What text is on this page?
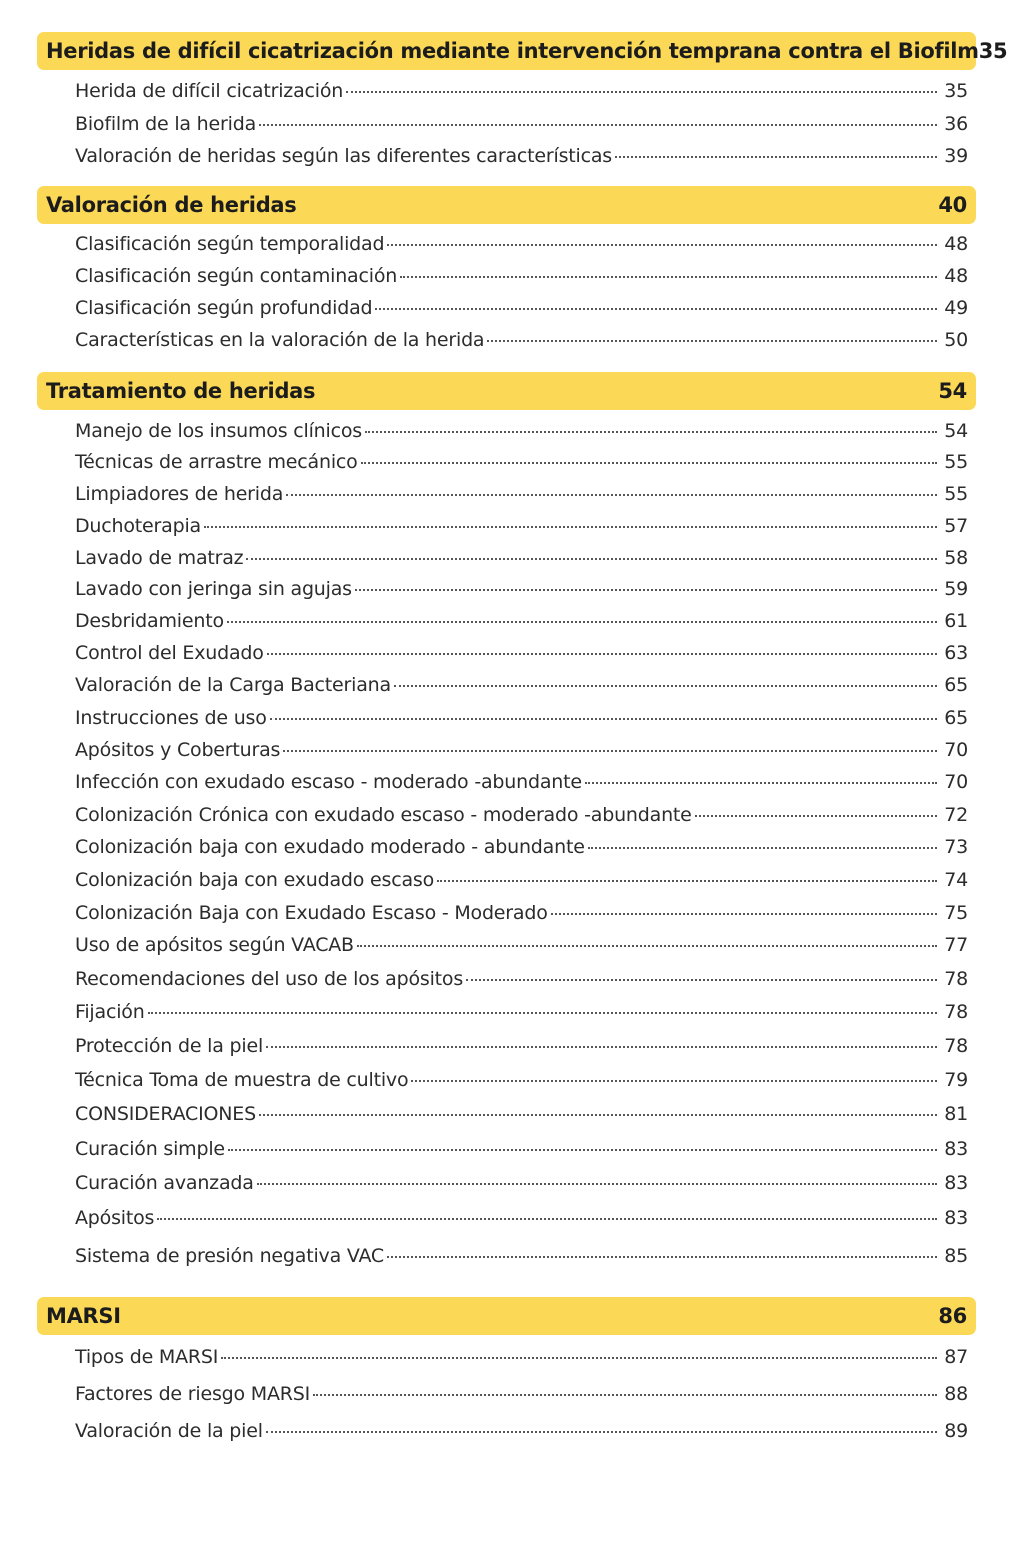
Heridas de difícil cicatrización mediante intervención temprana contra el Biofilm 35
Herida de difícil cicatrización	35
Biofilm de la herida	36
Valoración de heridas según las diferentes características	39
Valoración de heridas	40
Clasificación según temporalidad	48
Clasificación según contaminación	48
Clasificación según profundidad	49
Características en la valoración de la herida	50
Tratamiento de heridas	54
Manejo de los insumos clínicos	54
Técnicas de arrastre mecánico	55
Limpiadores de herida	55
Duchoterapia	57
Lavado de matraz	58
Lavado con jeringa sin agujas	59
Desbridamiento	61
Control del Exudado	63
Valoración de la Carga Bacteriana	65
Instrucciones de uso	65
Apósitos y Coberturas	70
Infección con exudado escaso - moderado -abundante	70
Colonización Crónica con exudado escaso - moderado -abundante	72
Colonización baja con exudado moderado - abundante	73
Colonización baja con exudado escaso	74
Colonización Baja con Exudado Escaso - Moderado	75
Uso de apósitos según VACAB	77
Recomendaciones del uso de los apósitos	78
Fijación	78
Protección de la piel	78
Técnica Toma de muestra de cultivo	79
CONSIDERACIONES	81
Curación simple	83
Curación avanzada	83
Apósitos	83
Sistema de presión negativa VAC	85
MARSI	86
Tipos de MARSI	87
Factores de riesgo MARSI	88
Valoración de la piel	89
